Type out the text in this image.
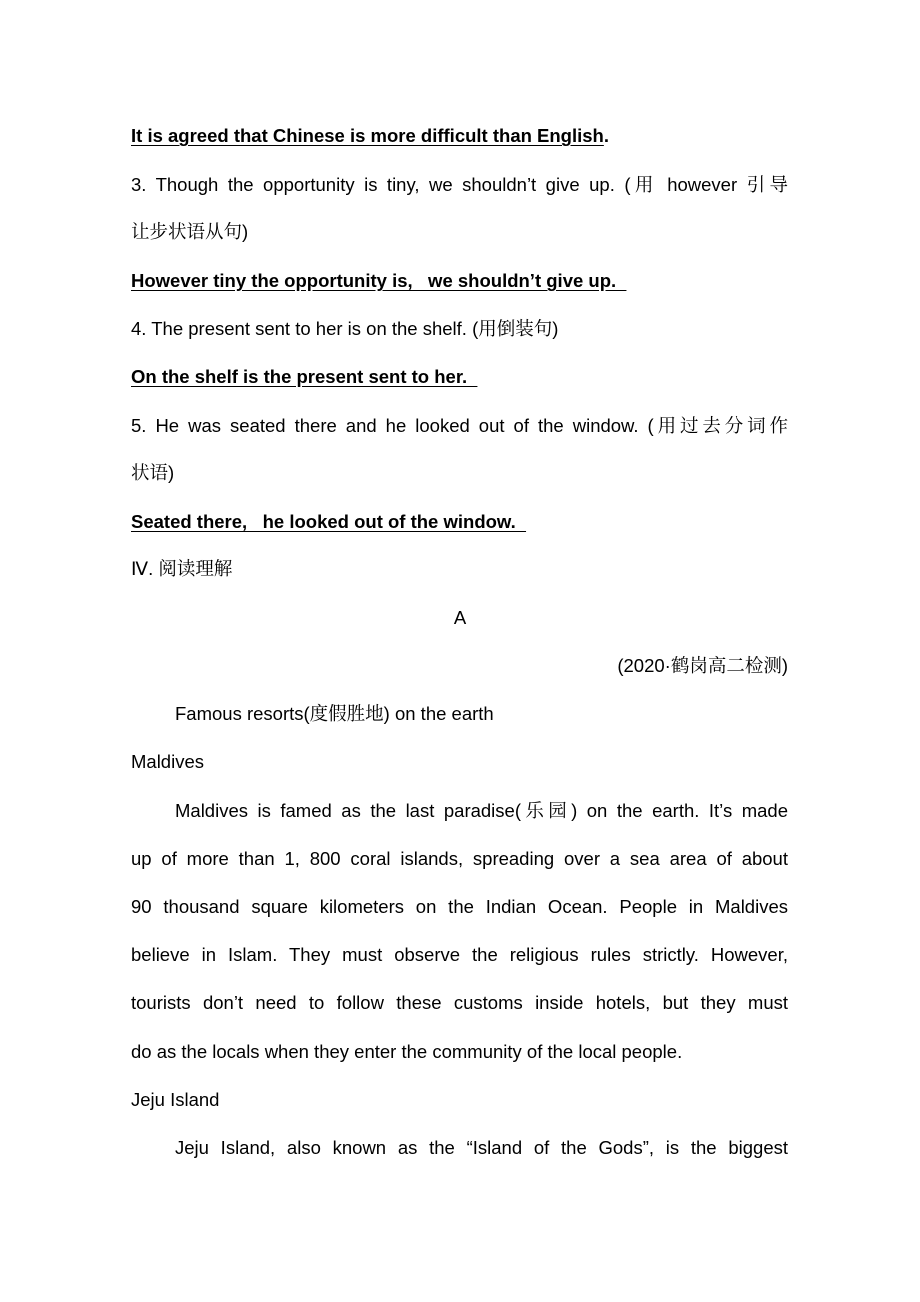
It is agreed that Chinese is more difficult than English.
3. Though the opportunity is tiny, we shouldn’t give up. (用 however 引导
让步状语从句)
However tiny the opportunity is,   we shouldn’t give up.
4. The present sent to her is on the shelf. (用倒装句)
On the shelf is the present sent to her.
5. He was seated there and he looked out of the window. (用过去分词作
状语)
Seated there,   he looked out of the window.
Ⅳ. 阅读理解
A
(2020·鹤岗高二检测)
Famous resorts(度假胜地) on the earth
Maldives
Maldives is famed as the last paradise(乐园) on the earth. It’s made
up of more than 1, 800 coral islands, spreading over a sea area of about
90 thousand square kilometers on the Indian Ocean. People in Maldives
believe in Islam. They must observe the religious rules strictly. However,
tourists don’t need to follow these customs inside hotels, but they must
do as the locals when they enter the community of the local people.
Jeju Island
Jeju Island, also known as the “Island of the Gods”, is the biggest
